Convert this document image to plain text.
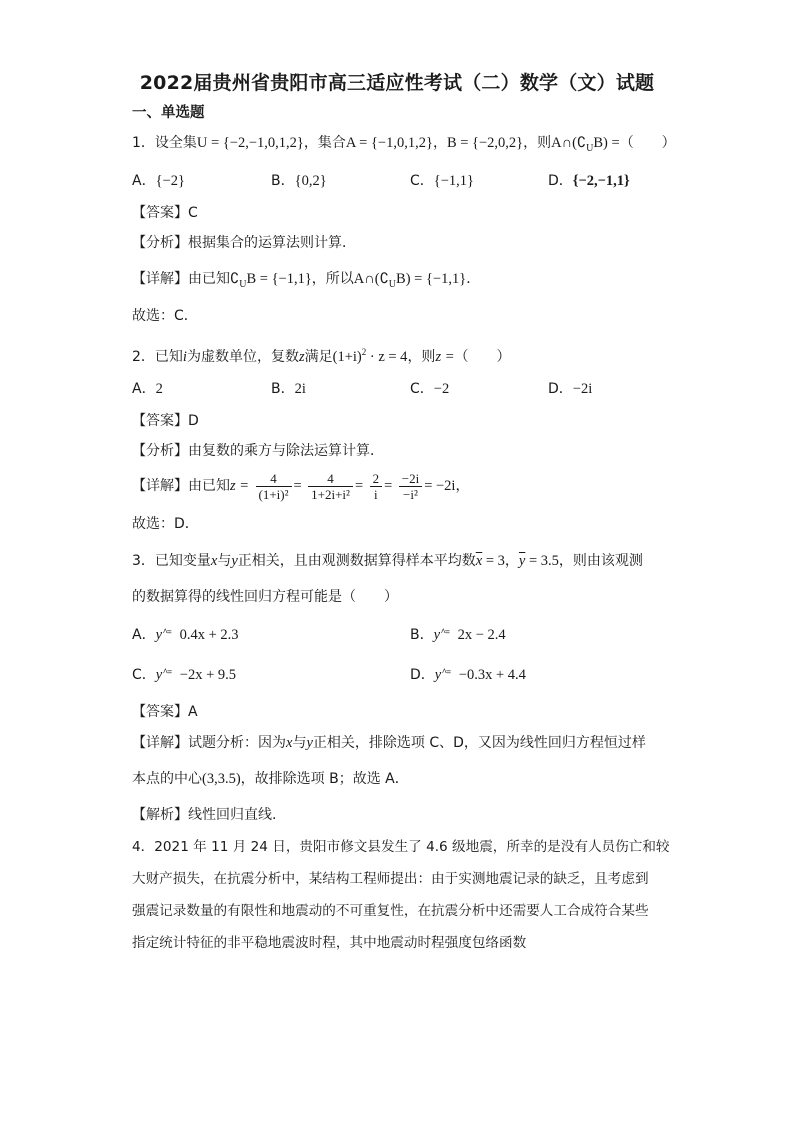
2022届贵州省贵阳市高三适应性考试（二）数学（文）试题
一、单选题
1．设全集U = {−2,−1,0,1,2}，集合A = {−1,0,1,2}，B = {−2,0,2}，则$A\cap(∁_UB)$ =（　　）
A．{−2}	B．{0,2}	C．{−1,1}	D．{−2,−1,1}
【答案】C
【分析】根据集合的运算法则计算．
【详解】由已知$∁_UB = \{-1,1\}$，所以$A\cap(∁_UB) = \{-1,1\}$．
故选：C．
2．已知i为虚数单位，复数z满足$(1+i)^2 \cdot z = 4$，则z =（　　）
A．2	B．2i	C．−2	D．−2i
【答案】D
【分析】由复数的乘方与除法运算计算．
【详解】由已知$z = \frac{4}{\text{(1+i)²}} = \frac{4}{\text{1+2i+i²}} = \frac{2}{i} = \frac{-2i}{\text{−i²}} = -2i$，
故选：D．
3．已知变量x与y正相关，且由观测数据算得样本平均数$\overline{x} = 3$，$\overline{y} = 3.5$，则由该观测
的数据算得的线性回归方程可能是（　　）
A．y ^= 0.4x + 2.3	B．y ^= 2x − 2.4
C．y ^= −2x + 9.5	D．y ^= −0.3x + 4.4
【答案】A
【详解】试题分析：因为x与y正相关，排除选项 C、D，又因为线性回归方程恒过样
本点的中心(3,3.5)，故排除选项 B；故选 A．
【解析】线性回归直线.
4．2021 年 11 月 24 日，贵阳市修文县发生了 4.6 级地震，所幸的是没有人员伤亡和较
大财产损失，在抗震分析中，某结构工程师提出：由于实测地震记录的缺乏，且考虑到
强震记录数量的有限性和地震动的不可重复性，在抗震分析中还需要人工合成符合某些
指定统计特征的非平稳地震波时程，其中地震动时程强度包络函数
